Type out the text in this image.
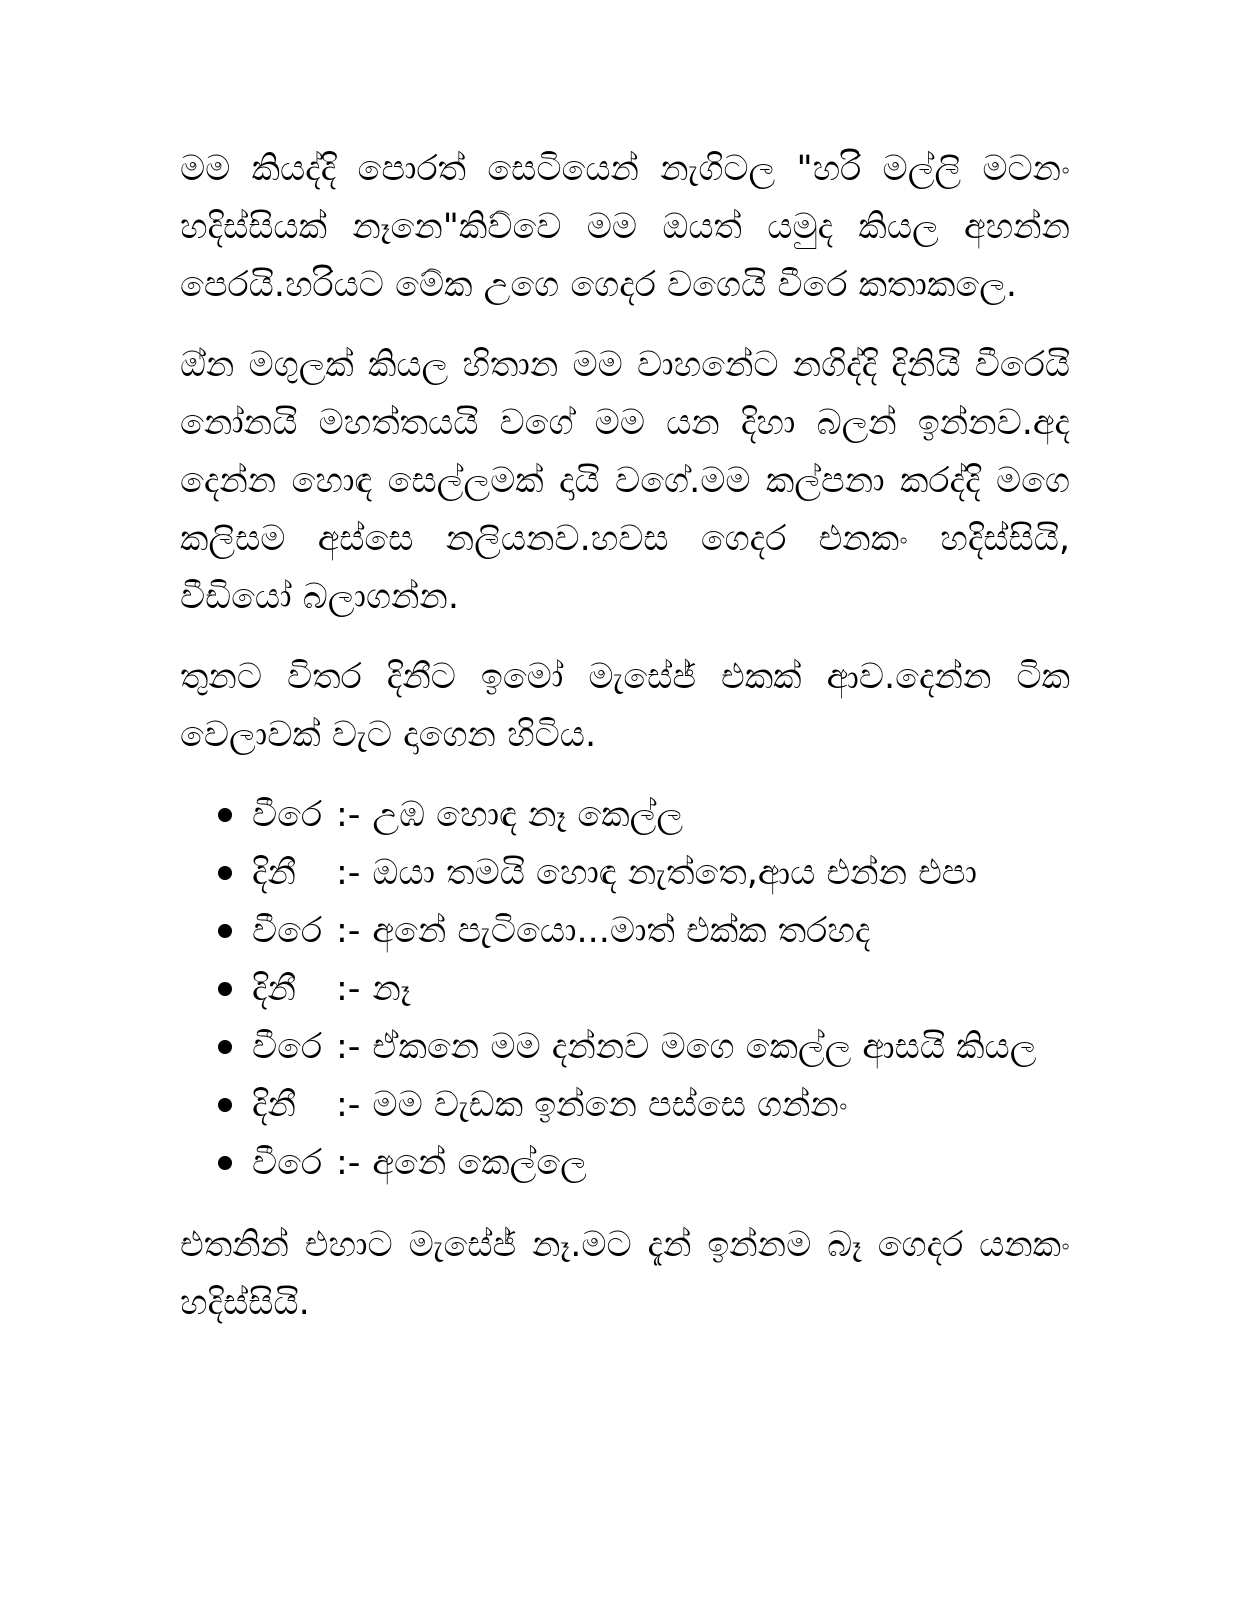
මම කියද්දි පොරත් සෙටියෙන් නැගිටල "හරි මල්ලි මටනං හදිස්සියක් නෑනෙ"කිව්වෙ මම ඔයත් යමුද කියල අහන්න පෙරයි.හරියට මේක උගෙ ගෙදර වගෙයි වීරෙ කතාකලෙ.

ඔ්න මගුලක් කියල හිතාන මම වාහනේට නගිද්දි දිනියි වීරෙයි නෝනයි මහත්තයයි වගේ මම යන දිහා බලන් ඉන්නව.අද දෙන්න හොඳ සෙල්ලමක් දායි වගේ.මම කල්පනා කරද්දි මගෙ කලිසම අස්සෙ නලියනව.හවස ගෙදර එනකං හදිස්සියි, වීඩියෝ බලාගන්න.

තුනට විතර දිනීට ඉමෝ මැසේජ් එකක් ආව.දෙන්න ටික වෙලාවක් වැට දාගෙන හිටිය.

වීරෙ :- උඹ හොඳ නෑ කෙල්ල
දිනී :- ඔයා තමයි හොඳ නැත්තෙ,ආය එන්න එපා
වීරෙ :- අනේ පැටියො...මාත් එක්ක තරහද
දිනී :- නෑ
වීරෙ :- ඒකනෙ මම දන්නව මගෙ කෙල්ල ආසයි කියල
දිනී :- මම වැඩක ඉන්නෙ පස්සෙ ගන්නං
වීරෙ :- අනේ කෙල්ලෙ

එතනින් එහාට මැසේජ් නෑ.මට දැන් ඉන්නම බෑ ගෙදර යනකං හදිස්සියි.
